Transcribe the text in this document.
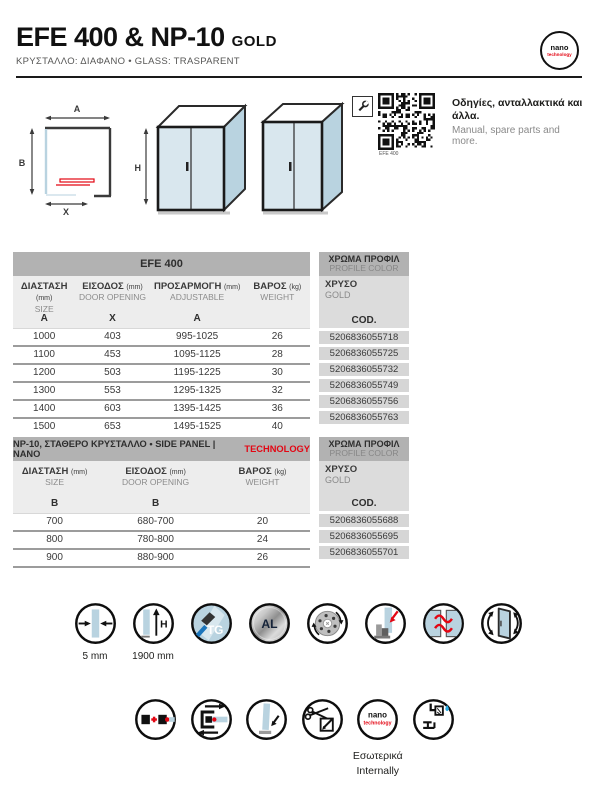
EFE 400 & NP-10 GOLD
ΚΡΥΣΤΑΛΛΟ: ΔΙΑΦΑΝΟ • GLASS: TRASPARENT
nano
technology
A
B
X
H
EFE 400
Οδηγίες, ανταλλακτικά και άλλα.
Manual, spare parts and more.
EFE 400
ΔΙΑΣΤΑΣΗ (mm)
SIZE
ΕΙΣΟΔΟΣ (mm)
DOOR OPENING
ΠΡΟΣΑΡΜΟΓΗ (mm)
ADJUSTABLE
ΒΑΡΟΣ (kg)
WEIGHT
A	X	A
1000	403	995-1025	26
1100	453	1095-1125	28
1200	503	1195-1225	30
1300	553	1295-1325	32
1400	603	1395-1425	36
1500	653	1495-1525	40
ΧΡΩΜΑ ΠΡΟΦΙΛ
PROFILE COLOR
ΧΡΥΣΟ
GOLD
COD.
5206836055718
5206836055725
5206836055732
5206836055749
5206836055756
5206836055763
NP-10, ΣΤΑΘΕΡΟ ΚΡΥΣΤΑΛΛΟ • SIDE PANEL | NANO	TECHNOLOGY
ΔΙΑΣΤΑΣΗ (mm)
SIZE
ΕΙΣΟΔΟΣ (mm)
DOOR OPENING
ΒΑΡΟΣ (kg)
WEIGHT
B	B
700	680-700	20
800	780-800	24
900	880-900	26
ΧΡΩΜΑ ΠΡΟΦΙΛ
PROFILE COLOR
ΧΡΥΣΟ
GOLD
COD.
5206836055688
5206836055695
5206836055701
5 mm
H
1900 mm
TG	AL
nano
technology
Εσωτερικά
Internally
